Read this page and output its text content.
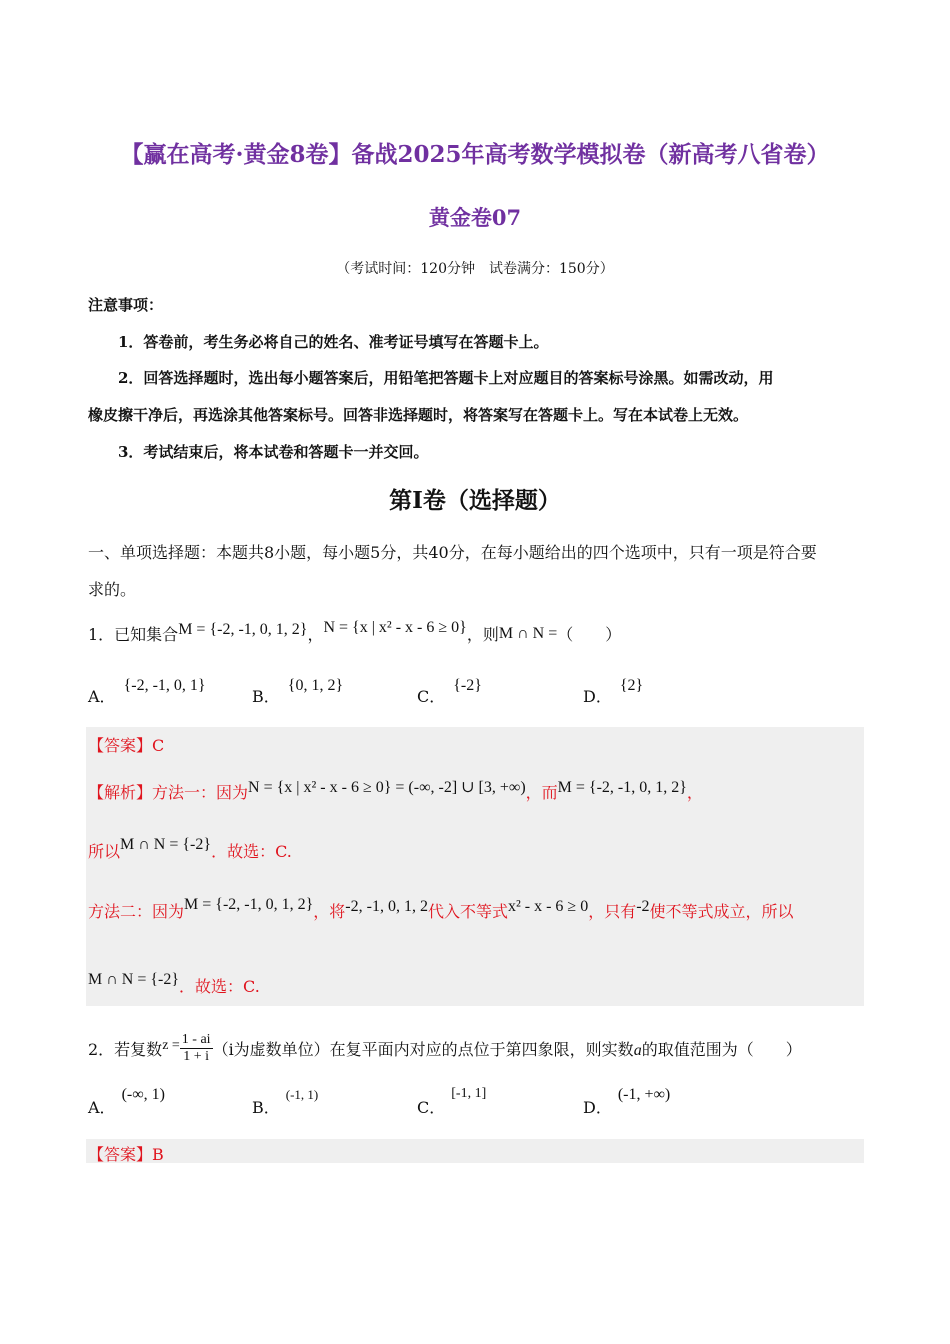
【赢在高考·黄金8卷】备战2025年高考数学模拟卷（新高考八省卷）
黄金卷07
（考试时间：120分钟　试卷满分：150分）
注意事项：
1．答卷前，考生务必将自己的姓名、准考证号填写在答题卡上。
2．回答选择题时，选出每小题答案后，用铅笔把答题卡上对应题目的答案标号涂黑。如需改动，用
橡皮擦干净后，再选涂其他答案标号。回答非选择题时，将答案写在答题卡上。写在本试卷上无效。
3．考试结束后，将本试卷和答题卡一并交回。
第I卷（选择题）
一、单项选择题：本题共8小题，每小题5分，共40分，在每小题给出的四个选项中，只有一项是符合要
求的。
1．已知集合M = {-2, -1, 0, 1, 2}，N = {x | x² - x - 6 ≥ 0}，则M ∩ N =（　　）
A．{-2, -1, 0, 1}
B．{0, 1, 2}
C．{-2}
D．{2}
【答案】C
【解析】方法一：因为N = {x | x² - x - 6 ≥ 0} = (-∞, -2] ∪ [3, +∞)，而M = {-2, -1, 0, 1, 2}，
所以M ∩ N = {-2}．故选：C.
方法二：因为M = {-2, -1, 0, 1, 2}，将-2, -1, 0, 1, 2代入不等式x² - x - 6 ≥ 0，只有-2使不等式成立，所以
M ∩ N = {-2}．故选：C.
2．若复数$z = \frac{1 - ai}{1 + i} (i$为虚数单位）在复平面内对应的点位于第四象限，则实数a的取值范围为（　　）
A．(-∞, 1)
B．$^{(-1, 1)}$
C．[-1, 1]
D．(-1, +∞)
【答案】B
